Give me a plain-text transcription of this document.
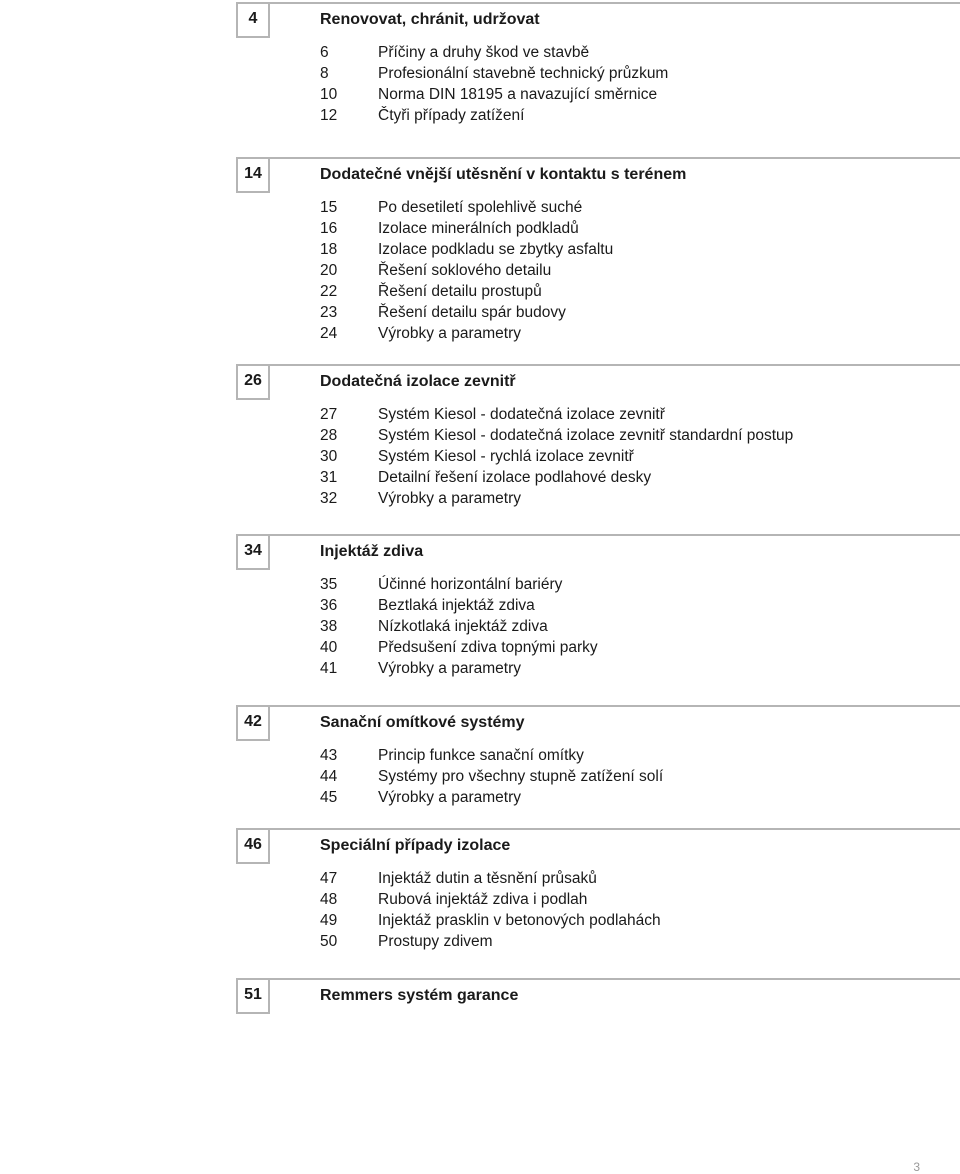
4	Renovovat, chránit, udržovat
6	Příčiny a druhy škod ve stavbě
8	Profesionální stavebně technický průzkum
10	Norma DIN 18195 a navazující směrnice
12	Čtyři případy zatížení
14	Dodatečné vnější utěsnění v kontaktu s terénem
15	Po desetiletí spolehlivě suché
16	Izolace minerálních podkladů
18	Izolace podkladu se zbytky asfaltu
20	Řešení soklového detailu
22	Řešení detailu prostupů
23	Řešení detailu spár budovy
24	Výrobky a parametry
26	Dodatečná izolace zevnitř
27	Systém Kiesol - dodatečná izolace zevnitř
28	Systém Kiesol - dodatečná izolace zevnitř standardní postup
30	Systém Kiesol - rychlá izolace zevnitř
31	Detailní řešení izolace podlahové desky
32	Výrobky a parametry
34	Injektáž zdiva
35	Účinné horizontální bariéry
36	Beztlaká injektáž zdiva
38	Nízkotlaká injektáž zdiva
40	Předsušení zdiva topnými parky
41	Výrobky a parametry
42	Sanační omítkové systémy
43	Princip funkce sanační omítky
44	Systémy pro všechny stupně zatížení solí
45	Výrobky a parametry
46	Speciální případy izolace
47	Injektáž dutin a těsnění průsaků
48	Rubová injektáž zdiva i podlah
49	Injektáž prasklin v betonových podlahách
50	Prostupy zdivem
51	Remmers systém garance
3
